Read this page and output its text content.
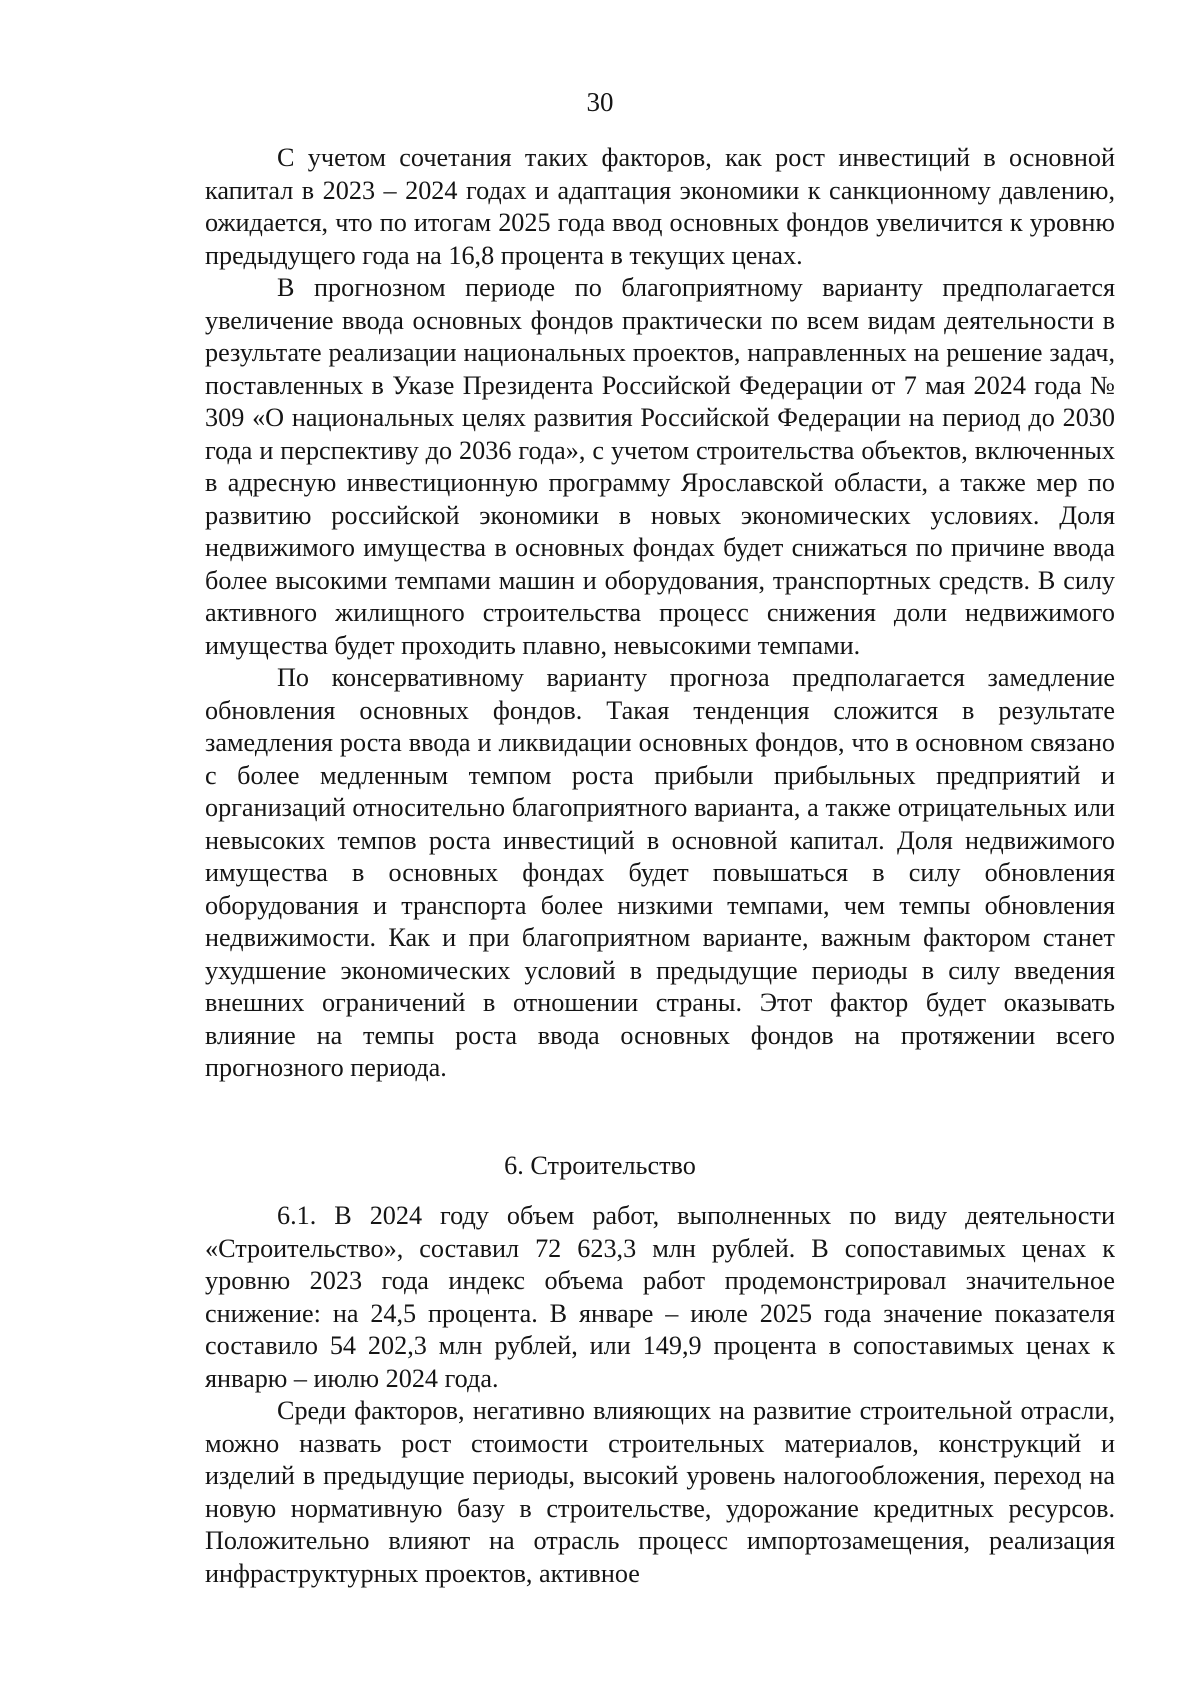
30

С учетом сочетания таких факторов, как рост инвестиций в основной капитал в 2023 – 2024 годах и адаптация экономики к санкционному давлению, ожидается, что по итогам 2025 года ввод основных фондов увеличится к уровню предыдущего года на 16,8 процента в текущих ценах.

В прогнозном периоде по благоприятному варианту предполагается увеличение ввода основных фондов практически по всем видам деятельности в результате реализации национальных проектов, направленных на решение задач, поставленных в Указе Президента Российской Федерации от 7 мая 2024 года № 309 «О национальных целях развития Российской Федерации на период до 2030 года и перспективу до 2036 года», с учетом строительства объектов, включенных в адресную инвестиционную программу Ярославской области, а также мер по развитию российской экономики в новых экономических условиях. Доля недвижимого имущества в основных фондах будет снижаться по причине ввода более высокими темпами машин и оборудования, транспортных средств. В силу активного жилищного строительства процесс снижения доли недвижимого имущества будет проходить плавно, невысокими темпами.

По консервативному варианту прогноза предполагается замедление обновления основных фондов. Такая тенденция сложится в результате замедления роста ввода и ликвидации основных фондов, что в основном связано с более медленным темпом роста прибыли прибыльных предприятий и организаций относительно благоприятного варианта, а также отрицательных или невысоких темпов роста инвестиций в основной капитал. Доля недвижимого имущества в основных фондах будет повышаться в силу обновления оборудования и транспорта более низкими темпами, чем темпы обновления недвижимости. Как и при благоприятном варианте, важным фактором станет ухудшение экономических условий в предыдущие периоды в силу введения внешних ограничений в отношении страны. Этот фактор будет оказывать влияние на темпы роста ввода основных фондов на протяжении всего прогнозного периода.

6. Строительство

6.1. В 2024 году объем работ, выполненных по виду деятельности «Строительство», составил 72 623,3 млн рублей. В сопоставимых ценах к уровню 2023 года индекс объема работ продемонстрировал значительное снижение: на 24,5 процента. В январе – июле 2025 года значение показателя составило 54 202,3 млн рублей, или 149,9 процента в сопоставимых ценах к январю – июлю 2024 года.

Среди факторов, негативно влияющих на развитие строительной отрасли, можно назвать рост стоимости строительных материалов, конструкций и изделий в предыдущие периоды, высокий уровень налогообложения, переход на новую нормативную базу в строительстве, удорожание кредитных ресурсов. Положительно влияют на отрасль процесс импортозамещения, реализация инфраструктурных проектов, активное
